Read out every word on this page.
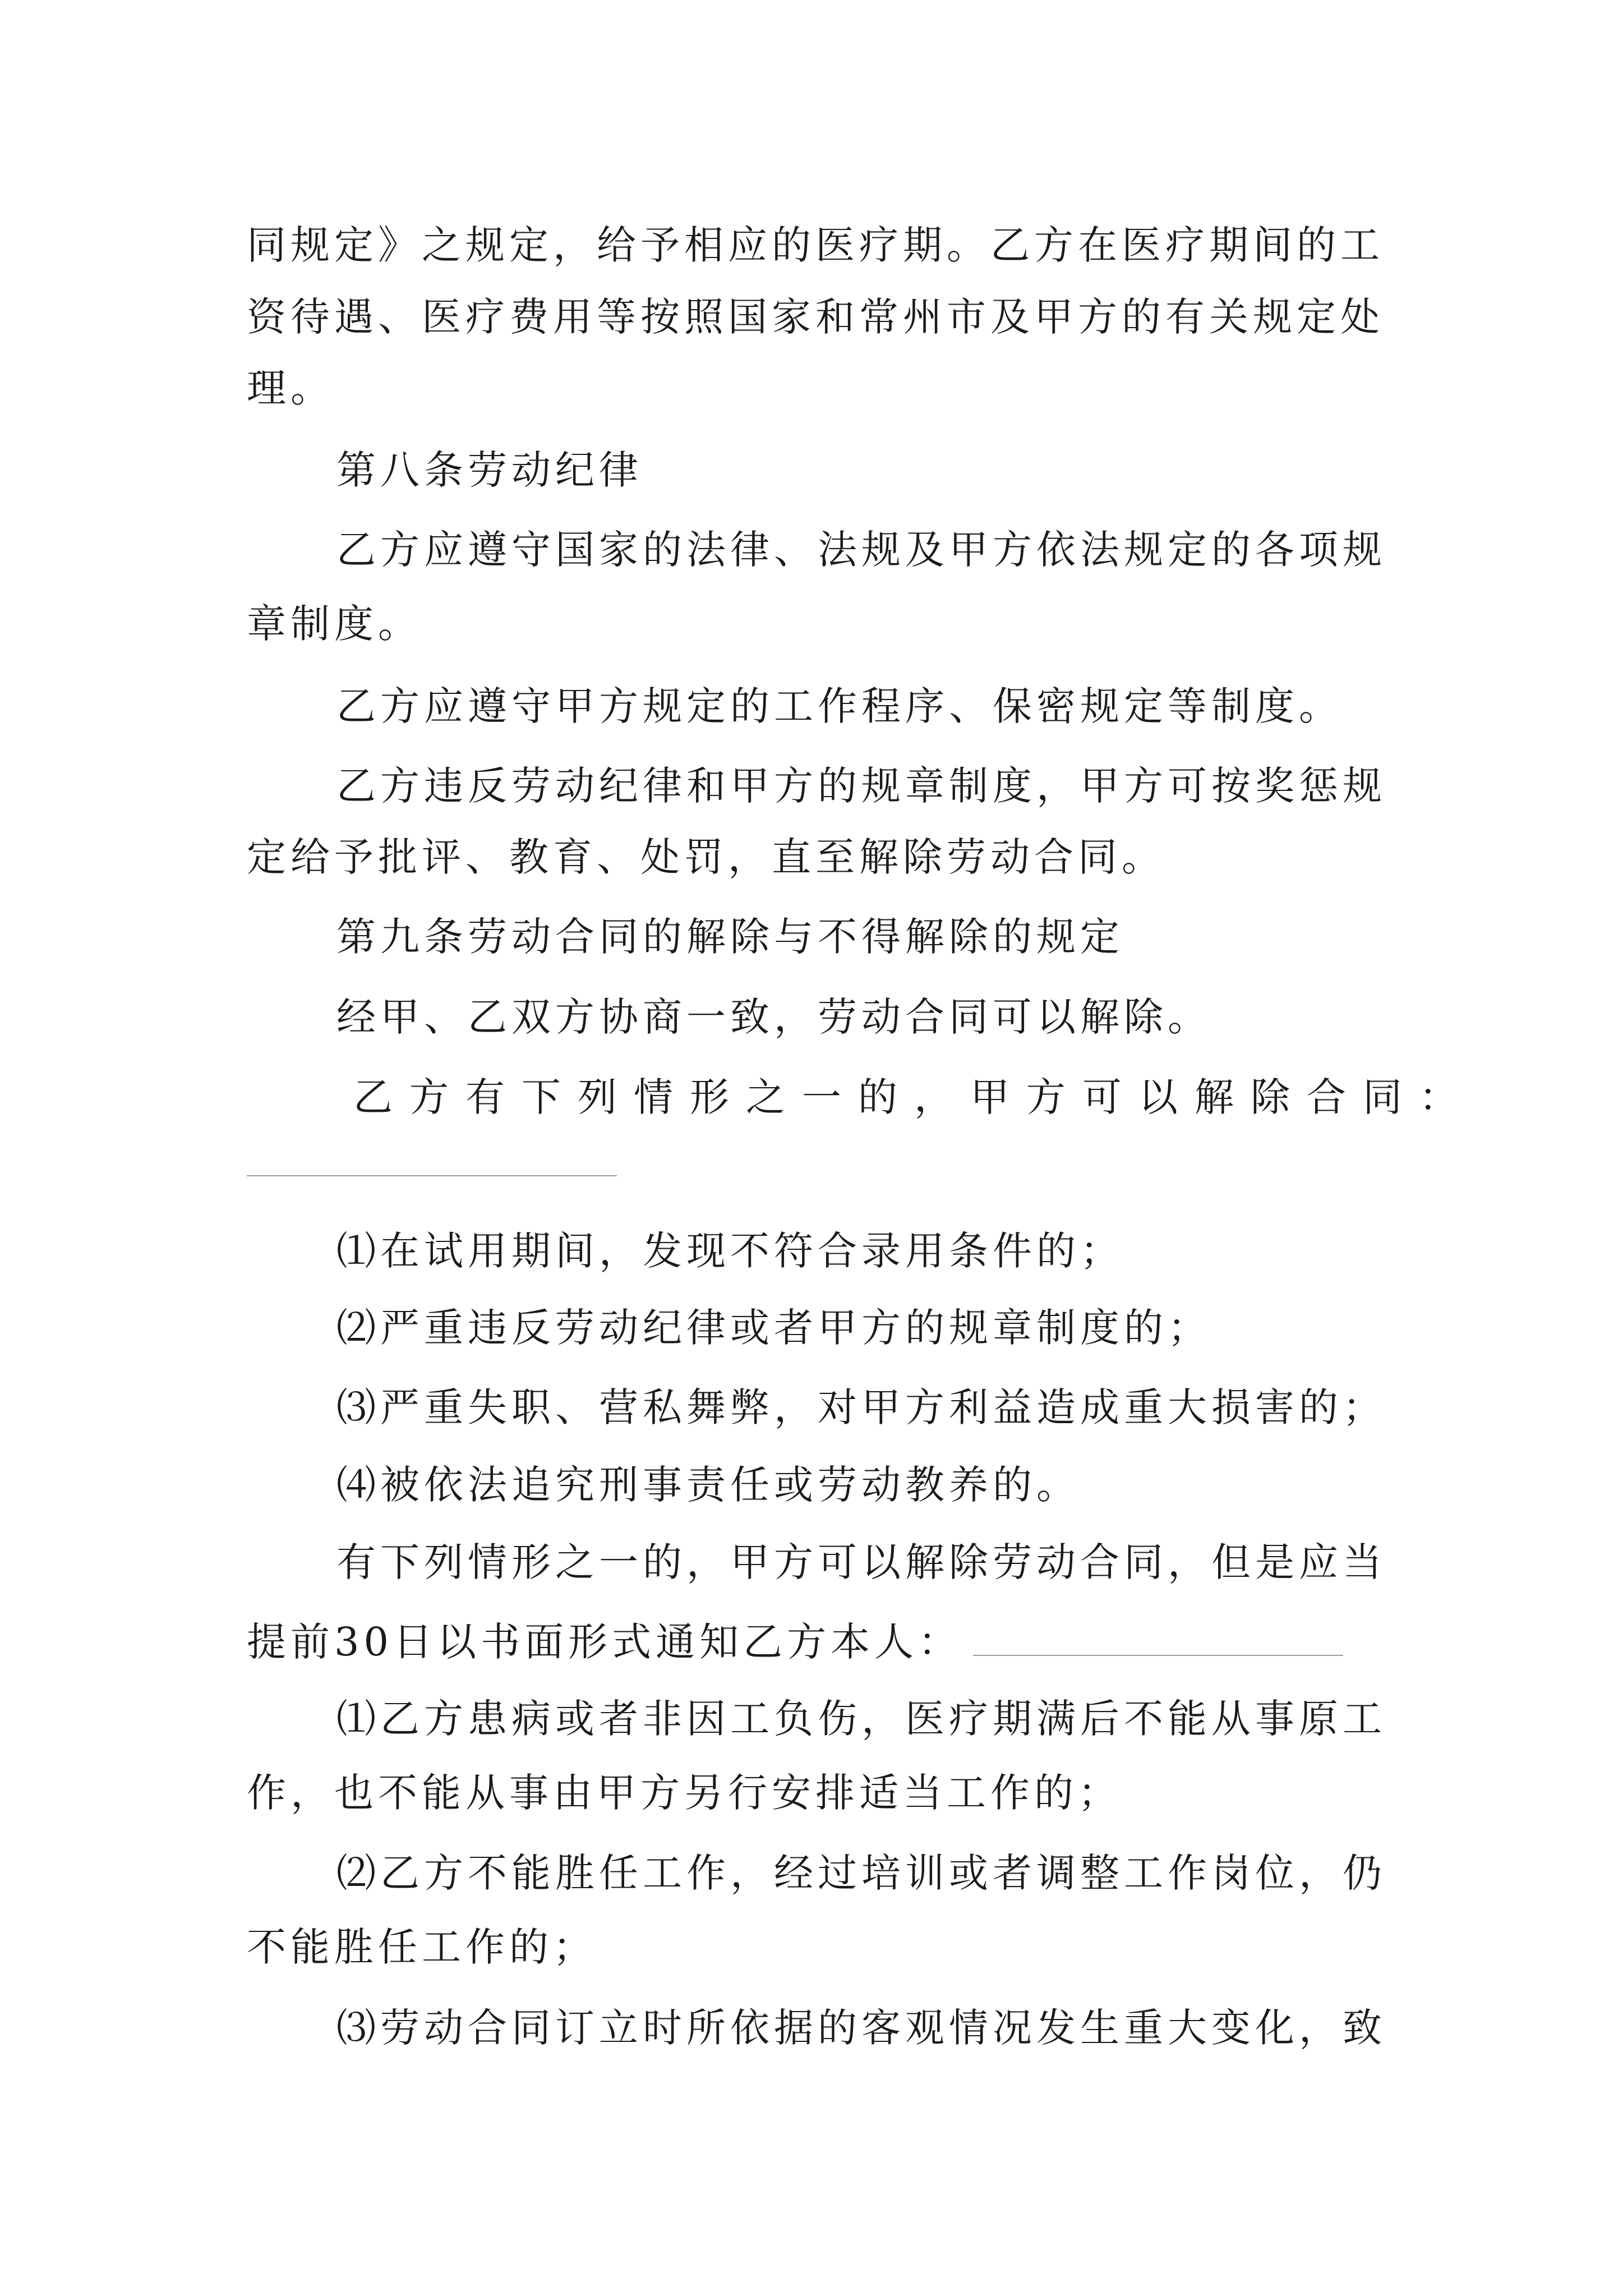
同规定》之规定，给予相应的医疗期。乙方在医疗期间的工
资待遇、医疗费用等按照国家和常州市及甲方的有关规定处
理。
第八条劳动纪律
乙方应遵守国家的法律、法规及甲方依法规定的各项规
章制度。
乙方应遵守甲方规定的工作程序、保密规定等制度。
乙方违反劳动纪律和甲方的规章制度，甲方可按奖惩规
定给予批评、教育、处罚，直至解除劳动合同。
第九条劳动合同的解除与不得解除的规定
经甲、乙双方协商一致，劳动合同可以解除。
乙方有下列情形之一的，甲方可以解除合同：
⑴在试用期间，发现不符合录用条件的；
⑵严重违反劳动纪律或者甲方的规章制度的；
⑶严重失职、营私舞弊，对甲方利益造成重大损害的；
⑷被依法追究刑事责任或劳动教养的。
有下列情形之一的，甲方可以解除劳动合同，但是应当
提前30日以书面形式通知乙方本人：
⑴乙方患病或者非因工负伤，医疗期满后不能从事原工
作，也不能从事由甲方另行安排适当工作的；
⑵乙方不能胜任工作，经过培训或者调整工作岗位，仍
不能胜任工作的；
⑶劳动合同订立时所依据的客观情况发生重大变化，致
